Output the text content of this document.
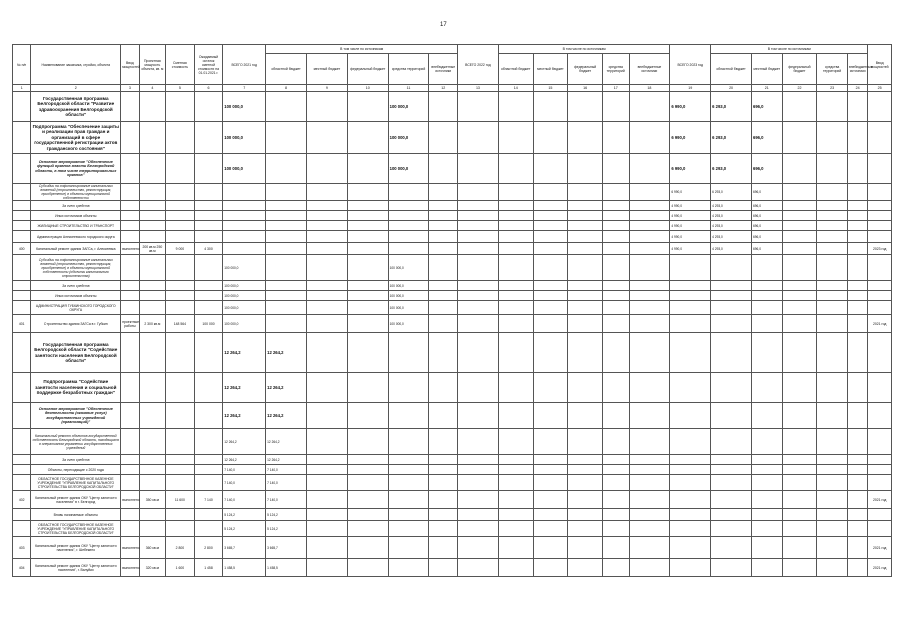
17
№ п/п	Наименование заказчика, стройки, объекта	Ввод мощностей	Проектная мощность объекта, кв. м	Сметная стоимость	Ожидаемый остаток сметной стоимости на 01.01.2021 г.	ВСЕГО 2021 год	В том числе по источникам					ВСЕГО 2022 год	В том числе по источникам					ВСЕГО 2023 год	В том числе по источникам					Ввод мощностей
							областной бюджет	местный бюджет	федеральный бюджет	средства территорий	внебюджетные источники		областной бюджет	местный бюджет	федеральный бюджет	средства территорий	внебюджетные источники		областной бюджет	местный бюджет	федеральный бюджет	средства территорий	внебюджетные источники	
1	2	3	4	5	6	7	8	9	10	11	12	13	14	15	16	17	18	19	20	21	22	23	24	25
	Государственная программа Белгородской области "Развитие здравоохранения Белгородской области"					100 000,0				100 000,0								6 990,0	6 293,0	696,0				
	Подпрограмма "Обеспечение защиты и реализации прав граждан и организаций в сфере государственной регистрации актов гражданского состояния"					100 000,0				100 000,0								6 990,0	6 293,0	696,0				
	Основное мероприятие "Обеспечение функций органов власти Белгородской области, в том числе территориальных органов"					100 000,0				100 000,0								6 990,0	6 293,0	696,0				
	Субсидии на софинансирование капитальных вложений (строительство, реконструкция, приобретение) в объекты муниципальной собственности																	6 990,0	6 293,0	696,0				
	За счет средств																	4 990,0	4 293,0	696,0				
	Иных источников объекты																	4 990,0	4 293,0	696,0				
	ЖИЛИЩНЫЕ СТРОИТЕЛЬСТВО И ТРАНСПОРТ																	4 990,0	4 293,0	696,0				
	Администрация Алексеевского городского округа																	4 990,0	4 293,0	696,0				
400	Капитальный ремонт здания ЗАГСа, г. Алексеевка	выполнено	200 кв.м 250 кв.м	9 000	4 300													4 990,0	4 293,0	696,0				2023 год
	Субсидии на софинансирование капитальных вложений (строительство, реконструкция, приобретение) в объекты муниципальной собственности (объекты капитального строительства)					100 000,0				100 000,0														
	За счет средств					100 000,0				100 000,0														
	Иных источников объекты					100 000,0				100 000,0														
	АДМИНИСТРАЦИЯ ГУБКИНСКОГО ГОРОДСКОГО ОКРУГА					100 000,0				100 000,0														
401	Строительство здания ЗАГСа в г. Губкин	проектные работы	2 300 кв.м	148 564	100 000	100 000,0				100 000,0														2021 год
	Государственная программа Белгородской области "Содействие занятости населения Белгородской области"					12 264,2	12 264,2																	
	Подпрограмма "Содействие занятости населения и социальной поддержке безработных граждан"					12 264,2	12 264,2																	
	Основное мероприятие "Обеспечение деятельности (оказание услуг) государственных учреждений (организаций)"					12 264,2	12 264,2																	
	Капитальный ремонт объектов государственной собственности Белгородской области, находящихся в оперативном управлении государственных учреждений					12 264,2	12 264,2																	
	За счет средств					12 264,2	12 264,2																	
	Объекты, переходящие с 2020 года					7 140,0	7 140,0																	
	ОБЛАСТНОЕ ГОСУДАРСТВЕННОЕ КАЗЕННОЕ УЧРЕЖДЕНИЕ "УПРАВЛЕНИЕ КАПИТАЛЬНОГО СТРОИТЕЛЬСТВА БЕЛГОРОДСКОЙ ОБЛАСТИ"					7 140,0	7 140,0																	
402	Капитальный ремонт здания ОКУ "Центр занятости населения" в г. Белгород	выполнено	350 кв.м	11 600	7 140	7 140,0	7 140,0																	2021 год
	Вновь начинаемые объекты					5 124,2	5 124,2																	
	ОБЛАСТНОЕ ГОСУДАРСТВЕННОЕ КАЗЕННОЕ УЧРЕЖДЕНИЕ "УПРАВЛЕНИЕ КАПИТАЛЬНОГО СТРОИТЕЛЬСТВА БЕЛГОРОДСКОЙ ОБЛАСТИ"					5 124,2	5 124,2																	
403	Капитальный ремонт здания ОКУ "Центр занятости населения", г. Шебекино	выполнено	360 кв.м	2 800	2 800	3 665,7	3 665,7																	2021 год
404	Капитальный ремонт здания ОКУ "Центр занятости населения", г. Валуйки	выполнено	320 кв.м	1 600	1 458	1 458,5	1 458,5																	2021 год
